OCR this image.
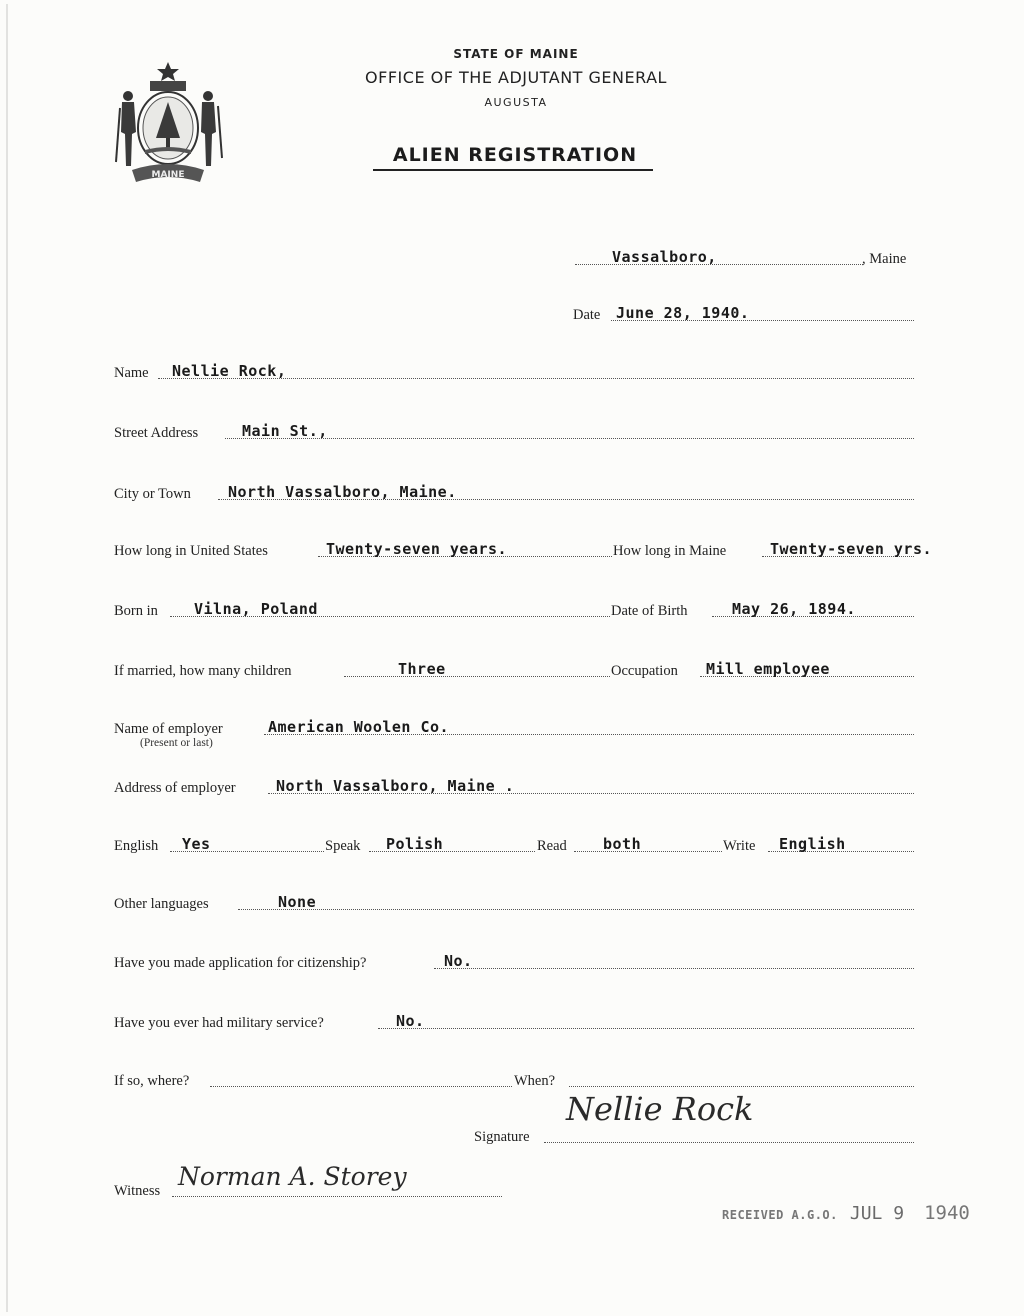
MAINE
STATE OF MAINE
OFFICE OF THE ADJUTANT GENERAL
AUGUSTA
ALIEN REGISTRATION
Vassalboro,	, Maine
Date June 28, 1940.
Name Nellie Rock,
Street Address	Main St.,
City or Town North Vassalboro, Maine.
How long in United States	Twenty-seven years.	How long in Maine	Twenty-seven yrs.
Born in Vilna, Poland	Date of Birth	May 26, 1894.
If married, how many children	Three	Occupation Mill employee
Name of employer	American Woolen Co.
(Present or last)
Address of employer	North Vassalboro, Maine .
English Yes	Speak Polish	Read both	Write English
Other languages	None
Have you made application for citizenship?	No.
Have you ever had military service?	No.
If so, where?	When?
Signature
Nellie Rock
Witness Norman A. Storey
RECEIVED A.G.O. JUL 9 1940
